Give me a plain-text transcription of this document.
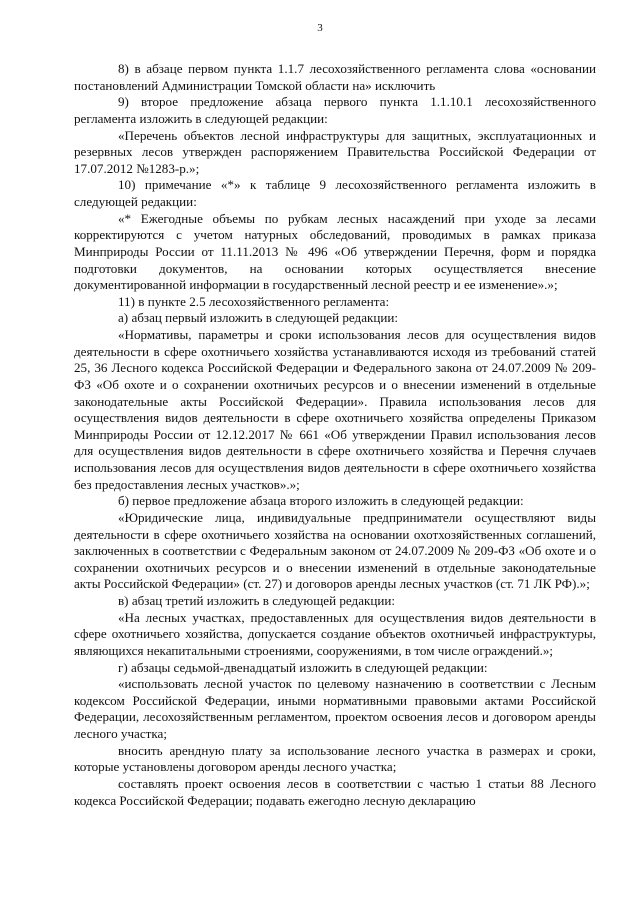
3

8) в абзаце первом пункта 1.1.7 лесохозяйственного регламента слова «основании постановлений Администрации Томской области на» исключить

9) второе предложение абзаца первого пункта 1.1.10.1 лесохозяйственного регламента изложить в следующей редакции:

«Перечень объектов лесной инфраструктуры для защитных, эксплуатационных и резервных лесов утвержден распоряжением Правительства Российской Федерации от 17.07.2012 №1283-р.»;

10) примечание «*» к таблице 9 лесохозяйственного регламента изложить в следующей редакции:

«* Ежегодные объемы по рубкам лесных насаждений при уходе за лесами корректируются с учетом натурных обследований, проводимых в рамках приказа Минприроды России от 11.11.2013 № 496 «Об утверждении Перечня, форм и порядка подготовки документов, на основании которых осуществляется внесение документированной информации в государственный лесной реестр и ее изменение».»;

11) в пункте 2.5 лесохозяйственного регламента:

а) абзац первый изложить в следующей редакции:

«Нормативы, параметры и сроки использования лесов для осуществления видов деятельности в сфере охотничьего хозяйства устанавливаются исходя из требований статей 25, 36 Лесного кодекса Российской Федерации и Федерального закона от 24.07.2009 № 209-ФЗ «Об охоте и о сохранении охотничьих ресурсов и о внесении изменений в отдельные законодательные акты Российской Федерации». Правила использования лесов для осуществления видов деятельности в сфере охотничьего хозяйства определены Приказом Минприроды России от 12.12.2017 № 661 «Об утверждении Правил использования лесов для осуществления видов деятельности в сфере охотничьего хозяйства и Перечня случаев использования лесов для осуществления видов деятельности в сфере охотничьего хозяйства без предоставления лесных участков».»;

б) первое предложение абзаца второго изложить в следующей редакции:

«Юридические лица, индивидуальные предприниматели осуществляют виды деятельности в сфере охотничьего хозяйства на основании охотхозяйственных соглашений, заключенных в соответствии с Федеральным законом от 24.07.2009 № 209-ФЗ «Об охоте и о сохранении охотничьих ресурсов и о внесении изменений в отдельные законодательные акты Российской Федерации» (ст. 27) и договоров аренды лесных участков (ст. 71 ЛК РФ).»;

в) абзац третий изложить в следующей редакции:

«На лесных участках, предоставленных для осуществления видов деятельности в сфере охотничьего хозяйства, допускается создание объектов охотничьей инфраструктуры, являющихся некапитальными строениями, сооружениями, в том числе ограждений.»;

г) абзацы седьмой-двенадцатый изложить в следующей редакции:

«использовать лесной участок по целевому назначению в соответствии с Лесным кодексом Российской Федерации, иными нормативными правовыми актами Российской Федерации, лесохозяйственным регламентом, проектом освоения лесов и договором аренды лесного участка;

вносить арендную плату за использование лесного участка в размерах и сроки, которые установлены договором аренды лесного участка;

составлять проект освоения лесов в соответствии с частью 1 статьи 88 Лесного кодекса Российской Федерации; подавать ежегодно лесную декларацию
